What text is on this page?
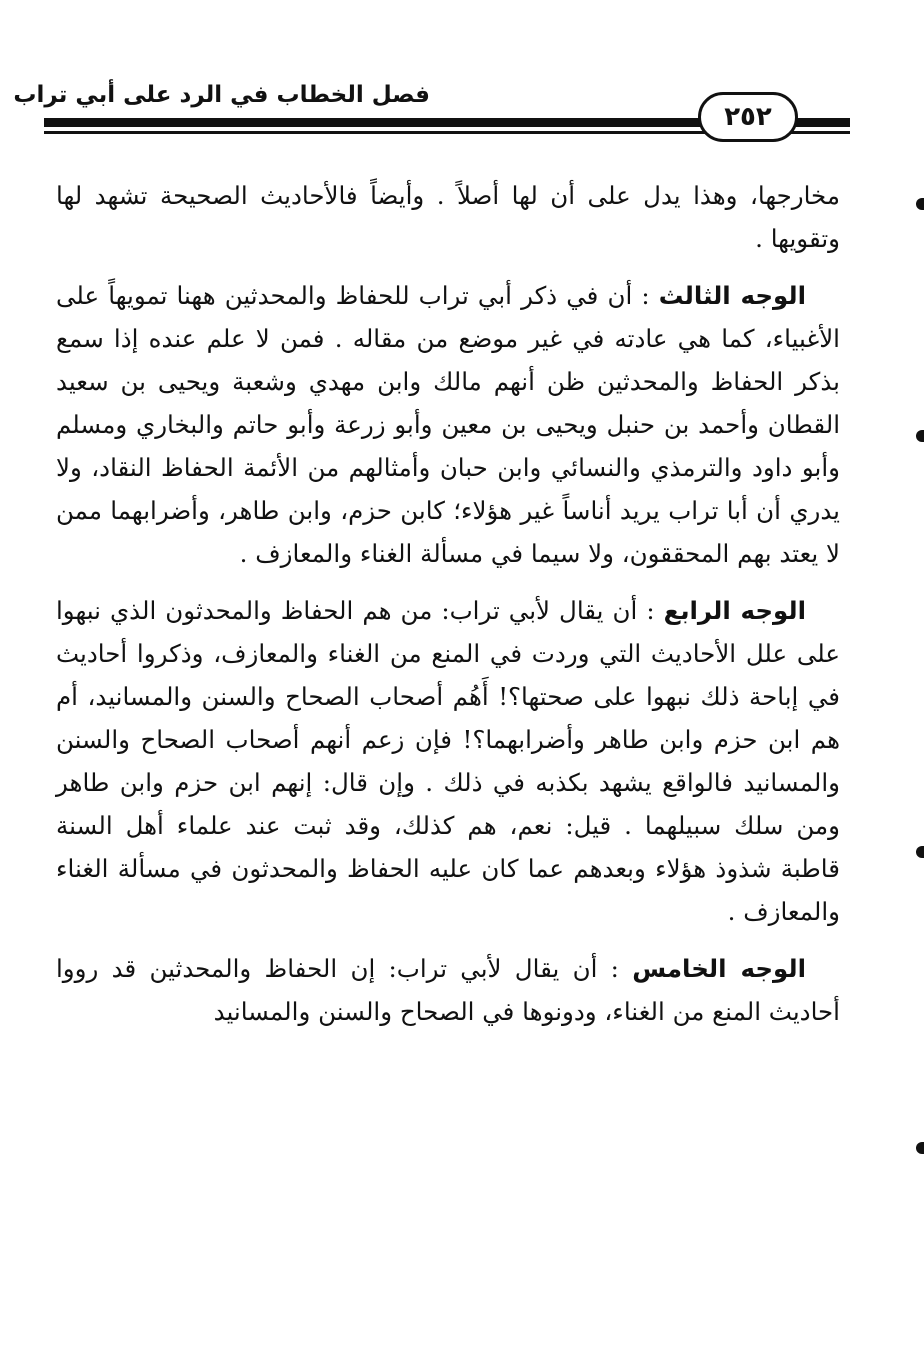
فصل الخطاب في الرد على أبي تراب
٢٥٢

مخارجها، وهذا يدل على أن لها أصلاً . وأيضاً فالأحاديث الصحيحة تشهد لها وتقويها .

الوجه الثالث : أن في ذكر أبي تراب للحفاظ والمحدثين ههنا تمويهاً على الأغبياء، كما هي عادته في غير موضع من مقاله . فمن لا علم عنده إذا سمع بذكر الحفاظ والمحدثين ظن أنهم مالك وابن مهدي وشعبة ويحيى بن سعيد القطان وأحمد بن حنبل ويحيى بن معين وأبو زرعة وأبو حاتم والبخاري ومسلم وأبو داود والترمذي والنسائي وابن حبان وأمثالهم من الأئمة الحفاظ النقاد، ولا يدري أن أبا تراب يريد أناساً غير هؤلاء؛ كابن حزم، وابن طاهر، وأضرابهما ممن لا يعتد بهم المحققون، ولا سيما في مسألة الغناء والمعازف .

الوجه الرابع : أن يقال لأبي تراب: من هم الحفاظ والمحدثون الذي نبهوا على علل الأحاديث التي وردت في المنع من الغناء والمعازف، وذكروا أحاديث في إباحة ذلك نبهوا على صحتها؟! أَهُم أصحاب الصحاح والسنن والمسانيد، أم هم ابن حزم وابن طاهر وأضرابهما؟! فإن زعم أنهم أصحاب الصحاح والسنن والمسانيد فالواقع يشهد بكذبه في ذلك . وإن قال: إنهم ابن حزم وابن طاهر ومن سلك سبيلهما . قيل: نعم، هم كذلك، وقد ثبت عند علماء أهل السنة قاطبة شذوذ هؤلاء وبعدهم عما كان عليه الحفاظ والمحدثون في مسألة الغناء والمعازف .

الوجه الخامس : أن يقال لأبي تراب: إن الحفاظ والمحدثين قد رووا أحاديث المنع من الغناء، ودونوها في الصحاح والسنن والمسانيد
